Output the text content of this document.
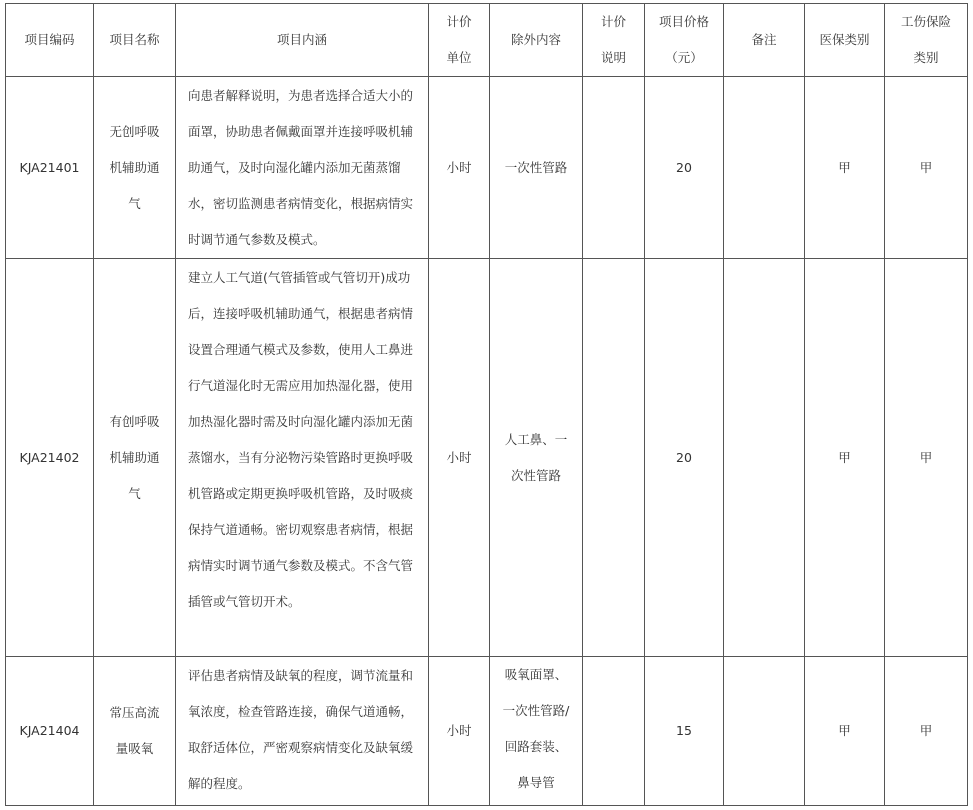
项目编码	项目名称	项目内涵	计价单位	除外内容	计价说明	项目价格（元）	备注	医保类别	工伤保险类别

KJA21401	无创呼吸机辅助通气	向患者解释说明，为患者选择合适大小的面罩，协助患者佩戴面罩并连接呼吸机辅助通气，及时向湿化罐内添加无菌蒸馏水，密切监测患者病情变化，根据病情实时调节通气参数及模式。	小时	一次性管路		20		甲	甲

KJA21402	有创呼吸机辅助通气	建立人工气道(气管插管或气管切开)成功后，连接呼吸机辅助通气，根据患者病情设置合理通气模式及参数，使用人工鼻进行气道湿化时无需应用加热湿化器，使用加热湿化器时需及时向湿化罐内添加无菌蒸馏水，当有分泌物污染管路时更换呼吸机管路或定期更换呼吸机管路，及时吸痰保持气道通畅。密切观察患者病情，根据病情实时调节通气参数及模式。不含气管插管或气管切开术。	小时	人工鼻、一次性管路		20		甲	甲

KJA21404	常压高流量吸氧	评估患者病情及缺氧的程度，调节流量和氧浓度，检查管路连接，确保气道通畅，取舒适体位，严密观察病情变化及缺氧缓解的程度。	小时	吸氧面罩、一次性管路/回路套装、鼻导管		15		甲	甲
